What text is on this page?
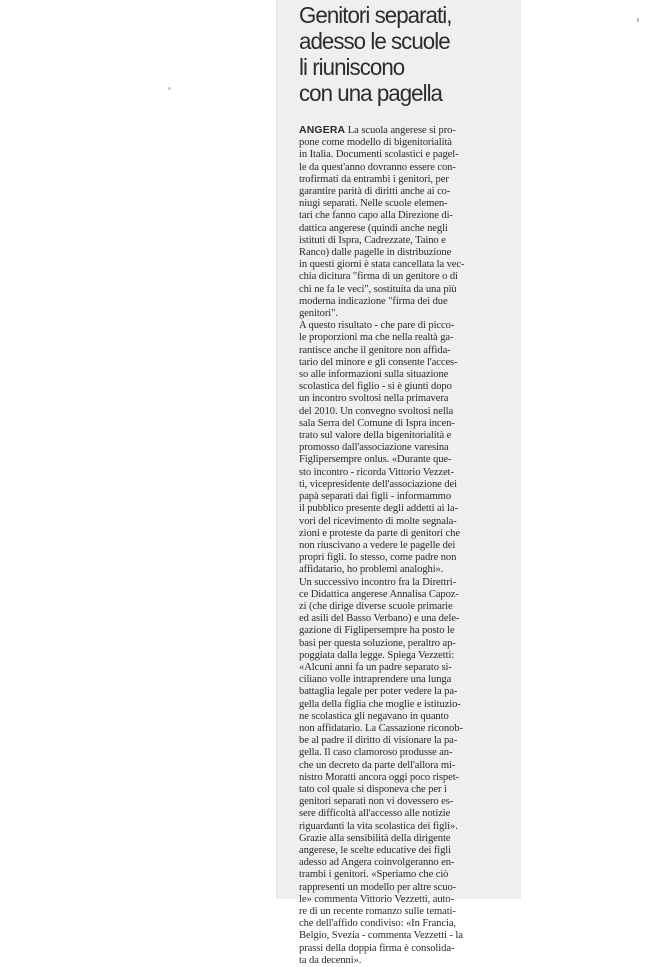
Genitori separati,
adesso le scuole
li riuniscono
con una pagella
ANGERA La scuola angerese si pro-
pone come modello di bigenitorialità
in Italia. Documenti scolastici e pagel-
le da quest'anno dovranno essere con-
trofirmati da entrambi i genitori, per
garantire parità di diritti anche ai co-
niugi separati. Nelle scuole elemen-
tari che fanno capo alla Direzione di-
dattica angerese (quindi anche negli
istituti di Ispra, Cadrezzate, Taino e
Ranco) dalle pagelle in distribuzione
in questi giorni è stata cancellata la vec-
chia dicitura "firma di un genitore o di
chi ne fa le veci", sostituita da una più
moderna indicazione "firma dei due
genitori".
A questo risultato - che pare di picco-
le proporzioni ma che nella realtà ga-
rantisce anche il genitore non affida-
tario del minore e gli consente l'acces-
so alle informazioni sulla situazione
scolastica del figlio - si è giunti dopo
un incontro svoltosi nella primavera
del 2010. Un convegno svoltosi nella
sala Serra del Comune di Ispra incen-
trato sul valore della bigenitorialità e
promosso dall'associazione varesina
Figlipersempre onlus. «Durante que-
sto incontro - ricorda Vittorio Vezzet-
ti, vicepresidente dell'associazione dei
papà separati dai figli - informammo
il pubblico presente degli addetti ai la-
vori del ricevimento di molte segnala-
zioni e proteste da parte di genitori che
non riuscivano a vedere le pagelle dei
propri figli. Io stesso, come padre non
affidatario, ho problemi analoghi».
Un successivo incontro fra la Direttri-
ce Didattica angerese Annalisa Capoz-
zi (che dirige diverse scuole primarie
ed asili del Basso Verbano) e una dele-
gazione di Figlipersempre ha posto le
basi per questa soluzione, peraltro ap-
poggiata dalla legge. Spiega Vezzetti:
«Alcuni anni fa un padre separato si-
ciliano volle intraprendere una lunga
battaglia legale per poter vedere la pa-
gella della figlia che moglie e istituzio-
ne scolastica gli negavano in quanto
non affidatario. La Cassazione riconob-
be al padre il diritto di visionare la pa-
gella. Il caso clamoroso produsse an-
che un decreto da parte dell'allora mi-
nistro Moratti ancora oggi poco rispet-
tato col quale si disponeva che per i
genitori separati non vi dovessero es-
sere difficoltà all'accesso alle notizie
riguardanti la vita scolastica dei figli».
Grazie alla sensibilità della dirigente
angerese, le scelte educative dei figli
adesso ad Angera coinvolgeranno en-
trambi i genitori. «Speriamo che ciò
rappresenti un modello per altre scuo-
le» commenta Vittorio Vezzetti, auto-
re di un recente romanzo sulle temati-
che dell'affido condiviso: «In Francia,
Belgio, Svezia - commenta Vezzetti - la
prassi della doppia firma è consolida-
ta da decenni».
